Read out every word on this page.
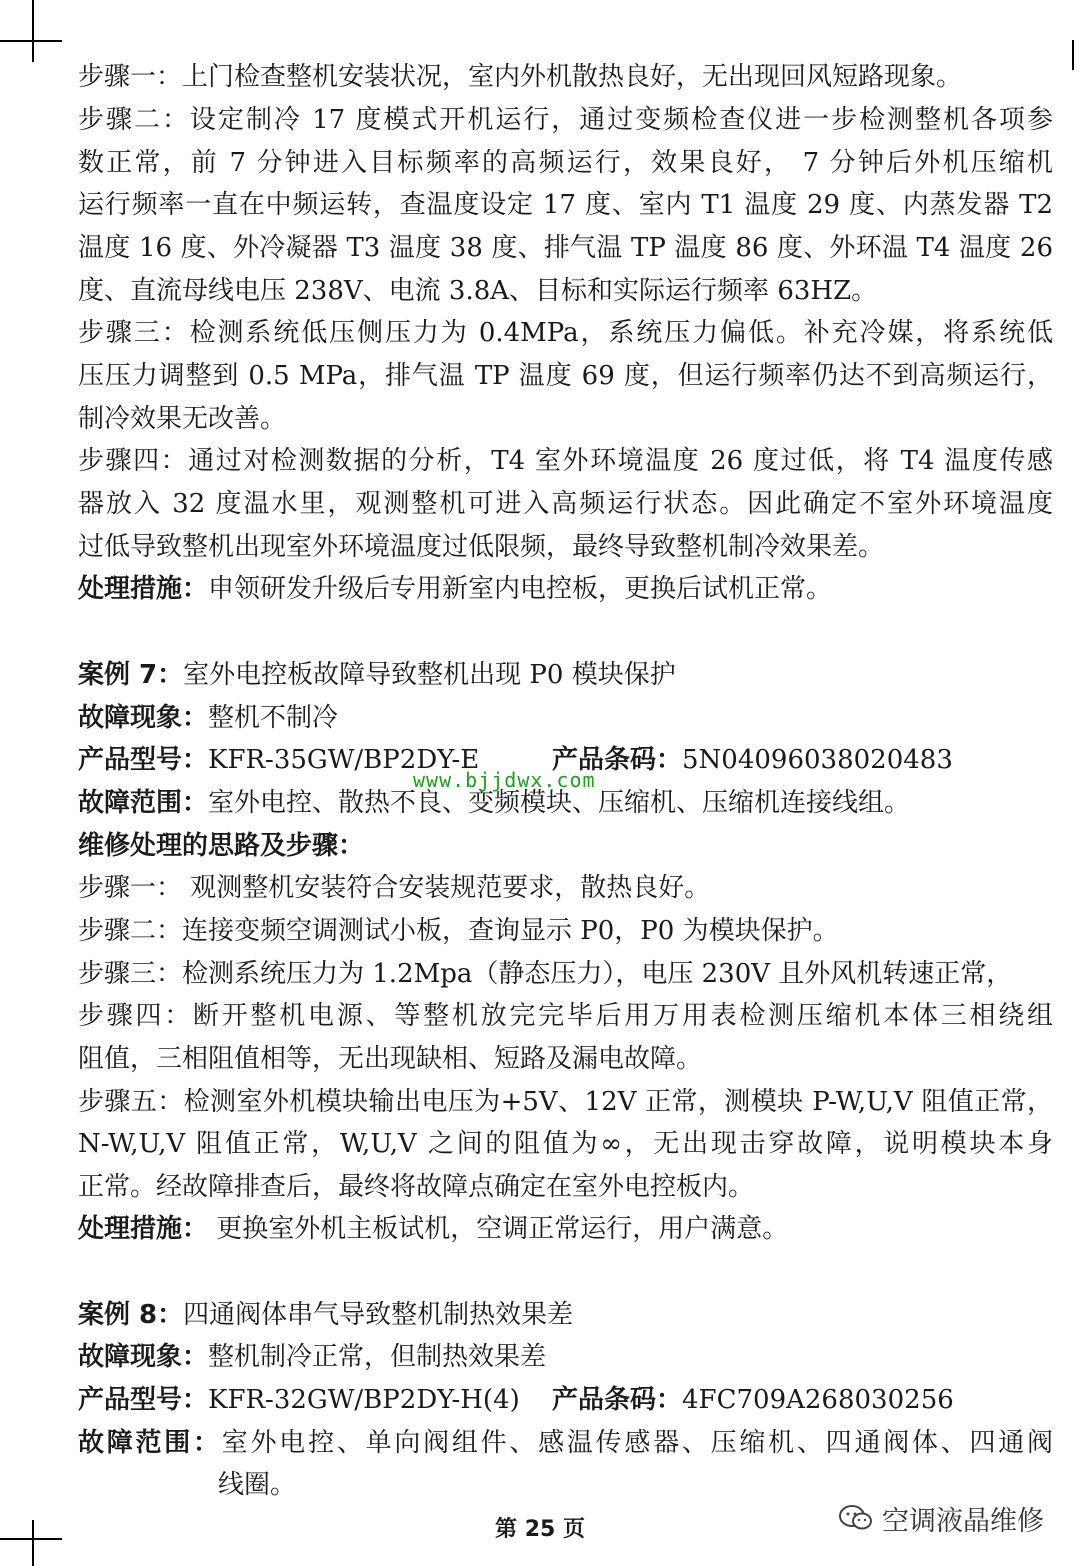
步骤一：上门检查整机安装状况，室内外机散热良好，无出现回风短路现象。
步骤二：设定制冷 17 度模式开机运行，通过变频检查仪进一步检测整机各项参
数正常，前 7 分钟进入目标频率的高频运行，效果良好， 7 分钟后外机压缩机
运行频率一直在中频运转，查温度设定 17 度、室内 T1 温度 29 度、内蒸发器 T2
温度 16 度、外冷凝器 T3 温度 38 度、排气温 TP 温度 86 度、外环温 T4 温度 26
度、直流母线电压 238V、电流 3.8A、目标和实际运行频率 63HZ。
步骤三：检测系统低压侧压力为 0.4MPa，系统压力偏低。补充冷媒，将系统低
压压力调整到 0.5 MPa，排气温 TP 温度 69 度，但运行频率仍达不到高频运行，
制冷效果无改善。
步骤四：通过对检测数据的分析，T4 室外环境温度 26 度过低，将 T4 温度传感
器放入 32 度温水里，观测整机可进入高频运行状态。因此确定不室外环境温度
过低导致整机出现室外环境温度过低限频，最终导致整机制冷效果差。
处理措施：申领研发升级后专用新室内电控板，更换后试机正常。
案例 7：室外电控板故障导致整机出现 P0 模块保护
故障现象：整机不制冷
产品型号：KFR-35GW/BP2DY-E
故障范围：室外电控、散热不良、变频模块、压缩机、压缩机连接线组。
维修处理的思路及步骤：
步骤一： 观测整机安装符合安装规范要求，散热良好。
步骤二：连接变频空调测试小板，查询显示 P0，P0 为模块保护。
步骤三：检测系统压力为 1.2Mpa（静态压力），电压 230V 且外风机转速正常，
步骤四：断开整机电源、等整机放完完毕后用万用表检测压缩机本体三相绕组
阻值，三相阻值相等，无出现缺相、短路及漏电故障。
步骤五：检测室外机模块输出电压为+5V、12V 正常，测模块 P-W,U,V 阻值正常，
N-W,U,V 阻值正常，W,U,V 之间的阻值为∞，无出现击穿故障，说明模块本身
正常。经故障排查后，最终将故障点确定在室外电控板内。
处理措施： 更换室外机主板试机，空调正常运行，用户满意。
案例 8：四通阀体串气导致整机制热效果差
故障现象：整机制冷正常，但制热效果差
产品型号：KFR-32GW/BP2DY-H(4)
故障范围：室外电控、单向阀组件、感温传感器、压缩机、四通阀体、四通阀
线圈。
产品条码：5N04096038020483
产品条码：4FC709A268030256
www.bjjdwx.com
第 25 页	空调液晶维修
